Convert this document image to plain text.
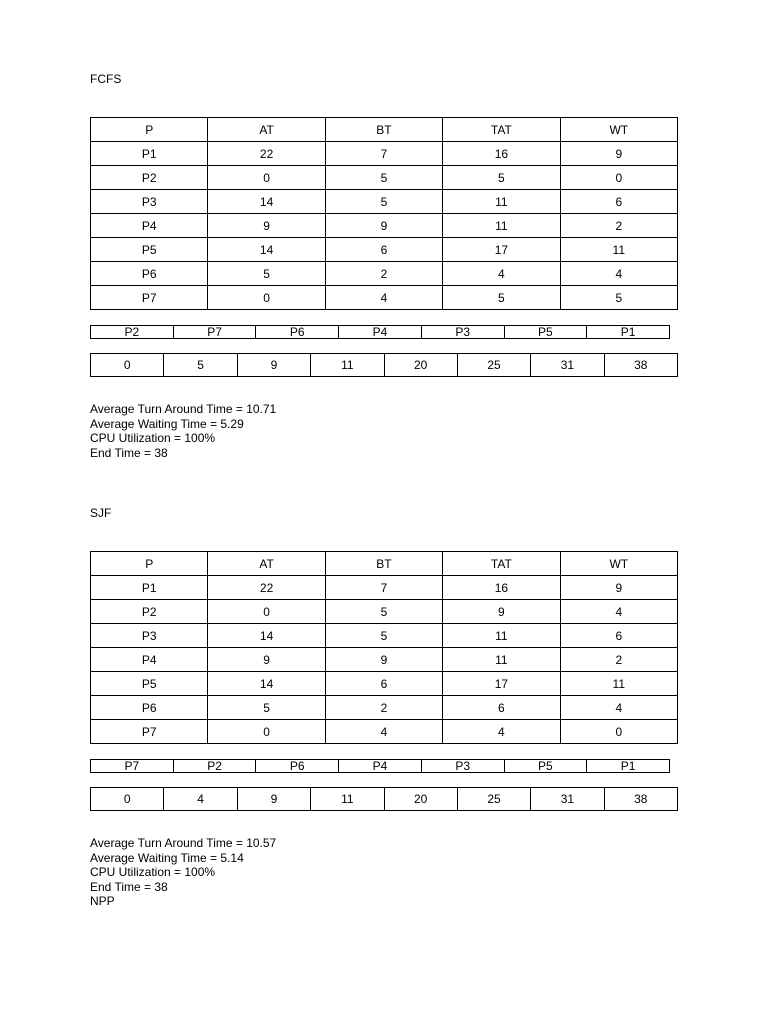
FCFS
P	AT	BT	TAT	WT
P1	22	7	16	9
P2	0	5	5	0
P3	14	5	11	6
P4	9	9	11	2
P5	14	6	17	11
P6	5	2	4	4
P7	0	4	5	5
P2	P7	P6	P4	P3	P5	P1
0	5	9	11	20	25	31	38
Average Turn Around Time = 10.71
Average Waiting Time = 5.29
CPU Utilization = 100%
End Time = 38
SJF
P	AT	BT	TAT	WT
P1	22	7	16	9
P2	0	5	9	4
P3	14	5	11	6
P4	9	9	11	2
P5	14	6	17	11
P6	5	2	6	4
P7	0	4	4	0
P7	P2	P6	P4	P3	P5	P1
0	4	9	11	20	25	31	38
Average Turn Around Time = 10.57
Average Waiting Time = 5.14
CPU Utilization = 100%
End Time = 38
NPP
